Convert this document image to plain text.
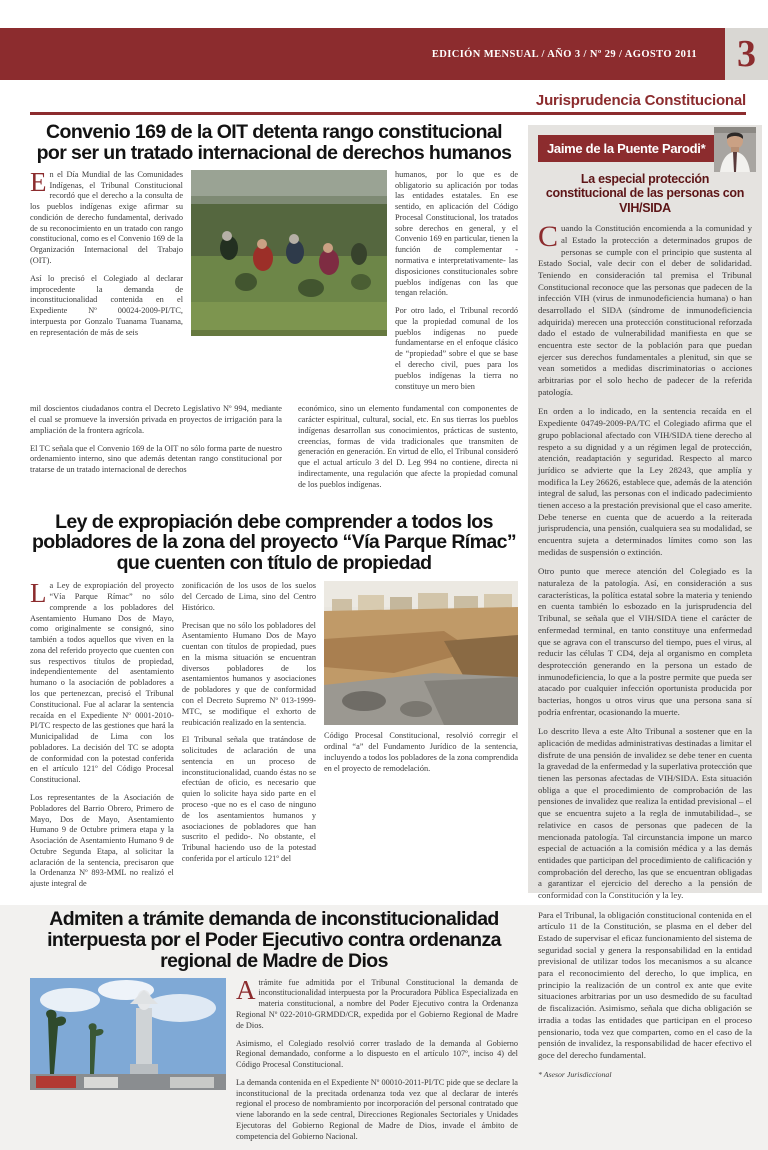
EDICIÓN MENSUAL / AÑO 3 / Nº 29 / AGOSTO 2011 3
Jurisprudencia Constitucional
Convenio 169 de la OIT detenta rango constitucional por ser un tratado internacional de derechos humanos

En el Día Mundial de las Comunidades Indígenas, el Tribunal Constitucional recordó que el derecho a la consulta de los pueblos indígenas exige afirmar su condición de derecho fundamental, derivado de su reconocimiento en un tratado con rango constitucional, como es el Convenio 169 de la Organización Internacional del Trabajo (OIT).

Así lo precisó el Colegiado al declarar improcedente la demanda de inconstitucionalidad contenida en el Expediente Nº 00024-2009-PI/TC, interpuesta por Gonzalo Tuanama Tuanama, en representación de más de seis

humanos, por lo que es de obligatorio su aplicación por todas las entidades estatales. En ese sentido, en aplicación del Código Procesal Constitucional, los tratados sobre derechos en general, y el Convenio 169 en particular, tienen la función de complementar -normativa e interpretativamente- las disposiciones constitucionales sobre pueblos indígenas con las que tengan relación.

Por otro lado, el Tribunal recordó que la propiedad comunal de los pueblos indígenas no puede fundamentarse en el enfoque clásico de “propiedad” sobre el que se base el derecho civil, pues para los pueblos indígenas la tierra no constituye un mero bien

mil doscientos ciudadanos contra el Decreto Legislativo Nº 994, mediante el cual se promueve la inversión privada en proyectos de irrigación para la ampliación de la frontera agrícola.

El TC señala que el Convenio 169 de la OIT no sólo forma parte de nuestro ordenamiento interno, sino que además detentan rango constitucional por tratarse de un tratado internacional de derechos

económico, sino un elemento fundamental con componentes de carácter espiritual, cultural, social, etc. En sus tierras los pueblos indígenas desarrollan sus conocimientos, prácticas de sustento, creencias, formas de vida tradicionales que transmiten de generación en generación. En virtud de ello, el Tribunal consideró que el actual artículo 3 del D. Leg 994 no contiene, directa ni indirectamente, una regulación que afecte la propiedad comunal de los pueblos indígenas.

Ley de expropiación debe comprender a todos los pobladores de la zona del proyecto “Vía Parque Rímac” que cuenten con título de propiedad

La Ley de expropiación del proyecto “Vía Parque Rímac” no sólo comprende a los pobladores del Asentamiento Humano Dos de Mayo, como originalmente se consignó, sino también a todos aquellos que viven en la zona del referido proyecto que cuenten con sus respectivos títulos de propiedad, independientemente del asentamiento humano o la asociación de pobladores a los que pertenezcan, precisó el Tribunal Constitucional. Fue al aclarar la sentencia recaída en el Expediente Nº 0001-2010-PI/TC respecto de las gestiones que hará la Municipalidad de Lima con los pobladores. La decisión del TC se adopta de conformidad con la potestad conferida en el artículo 121º del Código Procesal Constitucional.

Los representantes de la Asociación de Pobladores del Barrio Obrero, Primero de Mayo, Dos de Mayo, Asentamiento Humano 9 de Octubre primera etapa y la Asociación de Asentamiento Humano 9 de Octubre Segunda Etapa, al solicitar la aclaración de la sentencia, precisaron que la Ordenanza Nº 893-MML no realizó el ajuste integral de

zonificación de los usos de los suelos del Cercado de Lima, sino del Centro Histórico.

Precisan que no sólo los pobladores del Asentamiento Humano Dos de Mayo cuentan con títulos de propiedad, pues en la misma situación se encuentran diversos pobladores de los asentamientos humanos y asociaciones de pobladores y que de conformidad con el Decreto Supremo Nº 013-1999-MTC, se modifique el exhorto de reubicación realizado en la sentencia.

El Tribunal señala que tratándose de solicitudes de aclaración de una sentencia en un proceso de inconstitucionalidad, cuando éstas no se efectúan de oficio, es necesario que quien lo solicite haya sido parte en el proceso -que no es el caso de ninguno de los asentamientos humanos y asociaciones de pobladores que han suscrito el pedido-. No obstante, el Tribunal haciendo uso de la potestad conferida por el artículo 121º del

Código Procesal Constitucional, resolvió corregir el ordinal “a” del Fundamento Jurídico de la sentencia, incluyendo a todos los pobladores de la zona comprendida en el proyecto de remodelación.

Admiten a trámite demanda de inconstitucionalidad interpuesta por el Poder Ejecutivo contra ordenanza regional de Madre de Dios

Atrámite fue admitida por el Tribunal Constitucional la demanda de inconstitucionalidad interpuesta por la Procuradora Pública Especializada en materia constitucional, a nombre del Poder Ejecutivo contra la Ordenanza Regional Nº 022-2010-GRMDD/CR, expedida por el Gobierno Regional de Madre de Dios.

Asimismo, el Colegiado resolvió correr traslado de la demanda al Gobierno Regional demandado, conforme a lo dispuesto en el artículo 107º, inciso 4) del Código Procesal Constitucional.

La demanda contenida en el Expediente Nº 00010-2011-PI/TC pide que se declare la inconstitucional de la precitada ordenanza toda vez que al declarar de interés regional el proceso de nombramiento por incorporación del personal contratado que viene laborando en la sede central, Direcciones Regionales Sectoriales y Unidades Ejecutoras del Gobierno Regional de Madre de Dios, invade el ámbito de competencia del Gobierno Nacional.

Jaime de la Puente Parodi*
La especial protección constitucional de las personas con VIH/SIDA

Cuando la Constitución encomienda a la comunidad y al Estado la protección a determinados grupos de personas se cumple con el principio que sustenta al Estado Social, vale decir con el deber de solidaridad. Teniendo en consideración tal premisa el Tribunal Constitucional reconoce que las personas que padecen de la infección VIH (virus de inmunodeficiencia humana) o han desarrollado el SIDA (síndrome de inmunodeficiencia adquirida) merecen una protección constitucional reforzada dado el estado de vulnerabilidad manifiesta en que se encuentra este sector de la población para que puedan ejercer sus derechos fundamentales a plenitud, sin que se vean sometidos a medidas discriminatorias o acciones arbitrarias por el solo hecho de padecer de la referida patología.

En orden a lo indicado, en la sentencia recaída en el Expediente 04749-2009-PA/TC el Colegiado afirma que el grupo poblacional afectado con VIH/SIDA tiene derecho al respeto a su dignidad y a un régimen legal de protección, atención, readaptación y seguridad. Respecto al marco jurídico se advierte que la Ley 28243, que amplía y modifica la Ley 26626, establece que, además de la atención integral de salud, las personas con el indicado padecimiento tienen acceso a la prestación previsional que el caso amerite. Debe tenerse en cuenta que de acuerdo a la reiterada jurisprudencia, una pensión, cualquiera sea su modalidad, se encuentra sujeta a determinados límites como son las medidas de suspensión o extinción.

Otro punto que merece atención del Colegiado es la naturaleza de la patología. Así, en consideración a sus características, la política estatal sobre la materia y teniendo en cuenta también lo esbozado en la jurisprudencia del Tribunal, se señala que el VIH/SIDA tiene el carácter de enfermedad terminal, en tanto constituye una enfermedad que se agrava con el transcurso del tiempo, pues el virus, al reducir las células T CD4, deja al organismo en completa desprotección generando en la persona un estado de inmunodeficiencia, lo que a la postre permite que pueda ser atacado por cualquier infección oportunista producida por bacterias, hongos u otros virus que una persona sana sí podría enfrentar, ocasionando la muerte.

Lo descrito lleva a este Alto Tribunal a sostener que en la aplicación de medidas administrativas destinadas a limitar el disfrute de una pensión de invalidez se debe tener en cuenta la gravedad de la enfermedad y la superlativa protección que tienen las personas afectadas de VIH/SIDA. Esta situación obliga a que el procedimiento de comprobación de las pensiones de invalidez que realiza la entidad previsional – el que se encuentra sujeto a la regla de inmutabilidad–, se relativice en casos de personas que padecen de la mencionada patología. Tal circunstancia impone un marco especial de actuación a la comisión médica y a las demás entidades que participan del procedimiento de calificación y comprobación del derecho, las que se encuentran obligadas a garantizar el ejercicio del derecho a la pensión de conformidad con la Constitución y la ley.

Para el Tribunal, la obligación constitucional contenida en el artículo 11 de la Constitución, se plasma en el deber del Estado de supervisar el eficaz funcionamiento del sistema de seguridad social y genera la responsabilidad en la entidad previsional de utilizar todos los mecanismos a su alcance para el reconocimiento del derecho, lo que implica, en principio la realización de un control ex ante que evite situaciones arbitrarias por un uso desmedido de su facultad de fiscalización. Asimismo, señala que dicha obligación se irradia a todas las entidades que participan en el proceso pensionario, toda vez que comparten, como en el caso de la pensión de invalidez, la responsabilidad de hacer efectivo el goce del derecho fundamental.

* Asesor Jurisdiccional
